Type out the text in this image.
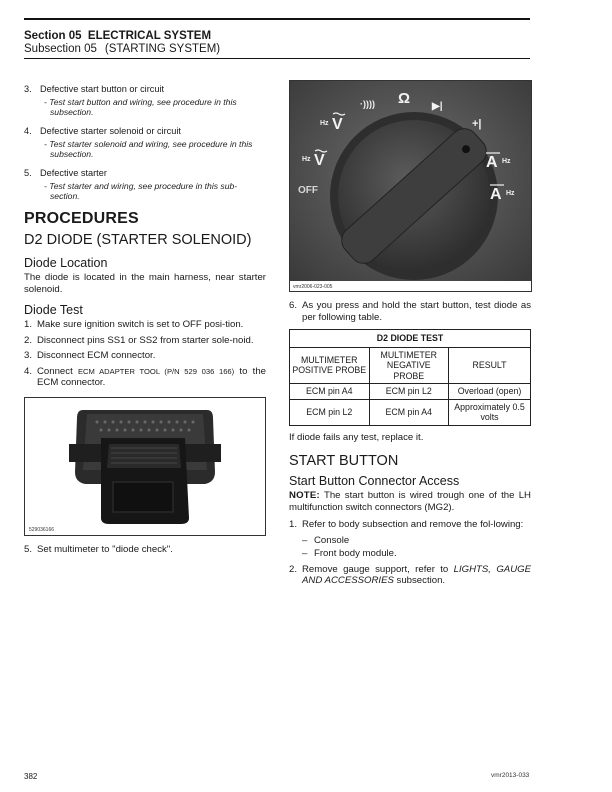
Section 05 ELECTRICAL SYSTEM
Subsection 05 (STARTING SYSTEM)
3. Defective start button or circuit
- Test start button and wiring, see procedure in this subsection.
4. Defective starter solenoid or circuit
- Test starter solenoid and wiring, see procedure in this subsection.
5. Defective starter
- Test starter and wiring, see procedure in this sub-section.
PROCEDURES
D2 DIODE (STARTER SOLENOID)
Diode Location

The diode is located in the main harness, near starter solenoid.

Diode Test
1. Make sure ignition switch is set to OFF posi-tion.
2. Disconnect pins SS1 or SS2 from starter sole-noid.
3. Disconnect ECM connector.
4. Connect ECM ADAPTER TOOL (P/N 529 036 166) to the ECM connector.
529036166
5. Set multimeter to "diode check".
Hz V
Hz V
OFF
·)))) Ω ▶|
+|
A Hz
A Hz
vmr2006-023-005
6. As you press and hold the start button, test diode as per following table.
D2 DIODE TEST		
MULTIMETER POSITIVE PROBE	MULTIMETER NEGATIVE PROBE	RESULT
ECM pin A4	ECM pin L2	Overload (open)
ECM pin L2	ECM pin A4	Approximately 0.5 volts

If diode fails any test, replace it.

START BUTTON
Start Button Connector Access

NOTE: The start button is wired trough one of the LH multifunction switch connectors (MG2).

1. Refer to body subsection and remove the fol-lowing:
– Console
– Front body module.
2. Remove gauge support, refer to LIGHTS, GAUGE AND ACCESSORIES subsection.
382	vmr2013-033
